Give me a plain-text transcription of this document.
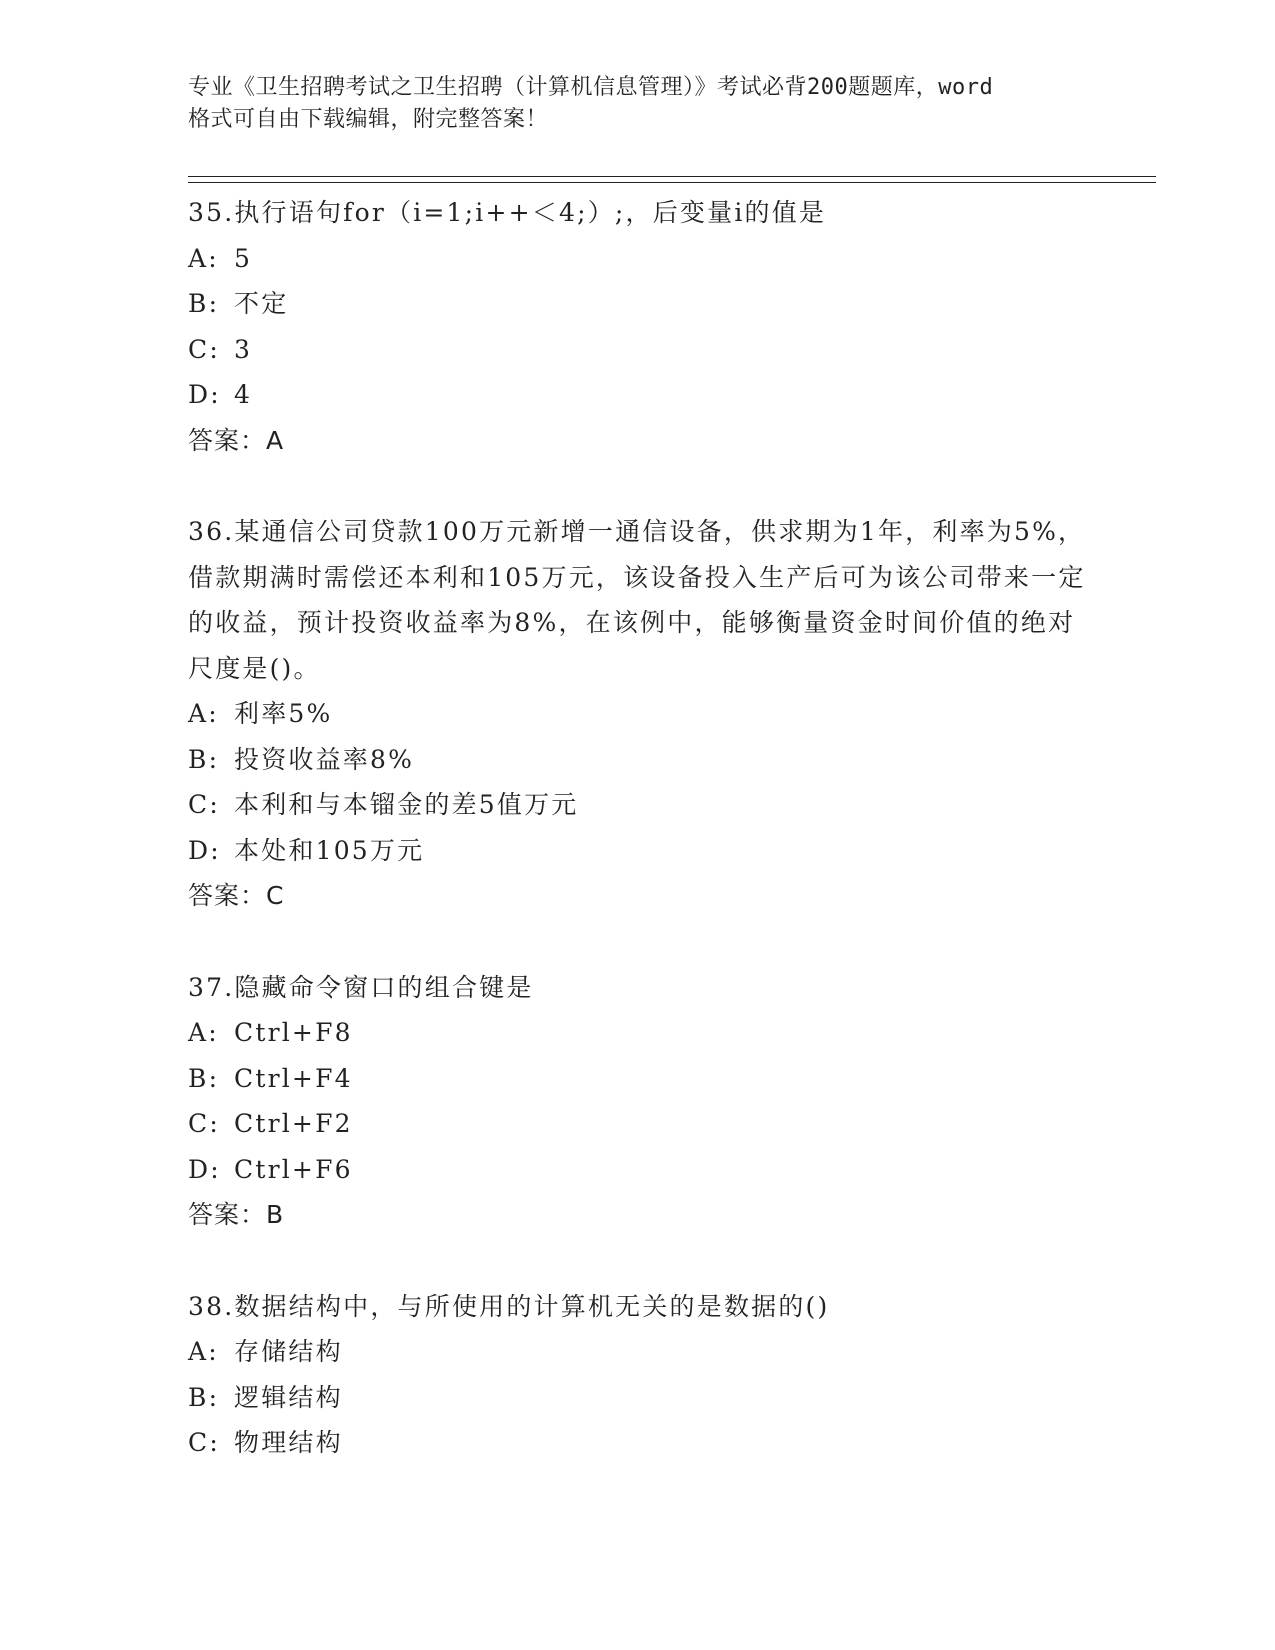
专业《卫生招聘考试之卫生招聘（计算机信息管理）》考试必背200题题库，word

格式可自由下载编辑，附完整答案！

35.执行语句for（i=1;i++＜4;）;，后变量i的值是

A: 5

B: 不定

C: 3

D: 4

答案：A

36.某通信公司贷款100万元新增一通信设备，供求期为1年，利率为5%，借款期满时需偿还本利和105万元，该设备投入生产后可为该公司带来一定的收益，预计投资收益率为8%，在该例中，能够衡量资金时间价值的绝对尺度是()。

A: 利率5%

B: 投资收益率8%

C: 本利和与本镏金的差5值万元

D: 本处和105万元

答案：C

37.隐藏命令窗口的组合键是

A: Ctrl+F8

B: Ctrl+F4

C: Ctrl+F2

D: Ctrl+F6

答案：B

38.数据结构中，与所使用的计算机无关的是数据的()

A: 存储结构

B: 逻辑结构

C: 物理结构
